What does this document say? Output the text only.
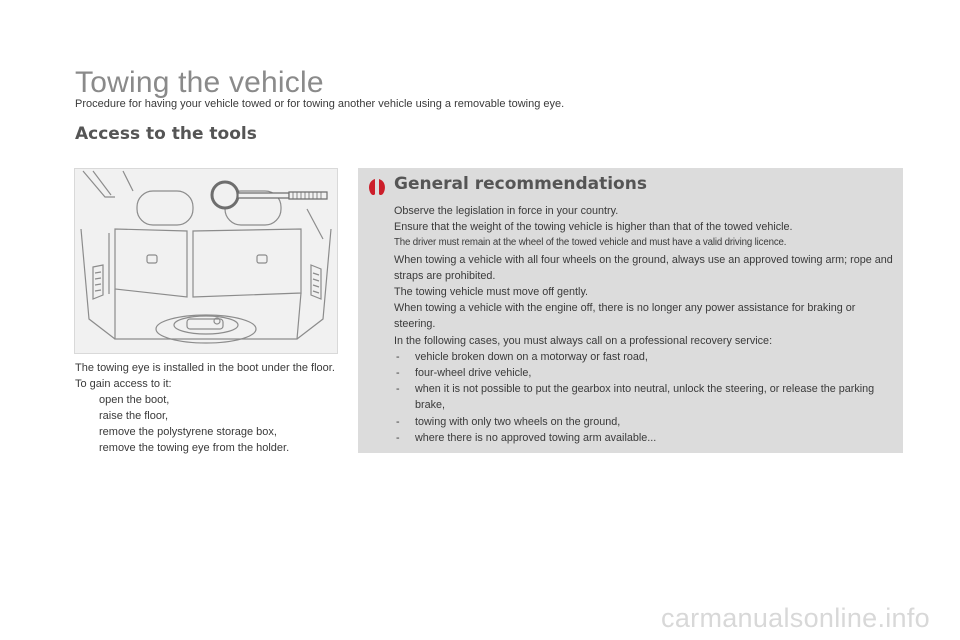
Towing the vehicle
Procedure for having your vehicle towed or for towing another vehicle using a removable towing eye.
Access to the tools

The towing eye is installed in the boot under the floor.

To gain access to it:

open the boot,
raise the floor,
remove the polystyrene storage box,
remove the towing eye from the holder.
General recommendations

Observe the legislation in force in your country.

Ensure that the weight of the towing vehicle is higher than that of the towed vehicle.

The driver must remain at the wheel of the towed vehicle and must have a valid driving licence.

When towing a vehicle with all four wheels on the ground, always use an approved towing arm; rope and straps are prohibited.

The towing vehicle must move off gently.

When towing a vehicle with the engine off, there is no longer any power assistance for braking or steering.

In the following cases, you must always call on a professional recovery service:

- vehicle broken down on a motorway or fast road,
- four-wheel drive vehicle,
- when it is not possible to put the gearbox into neutral, unlock the steering, or release the parking brake,
- towing with only two wheels on the ground,
- where there is no approved towing arm available...
carmanualsonline.info
